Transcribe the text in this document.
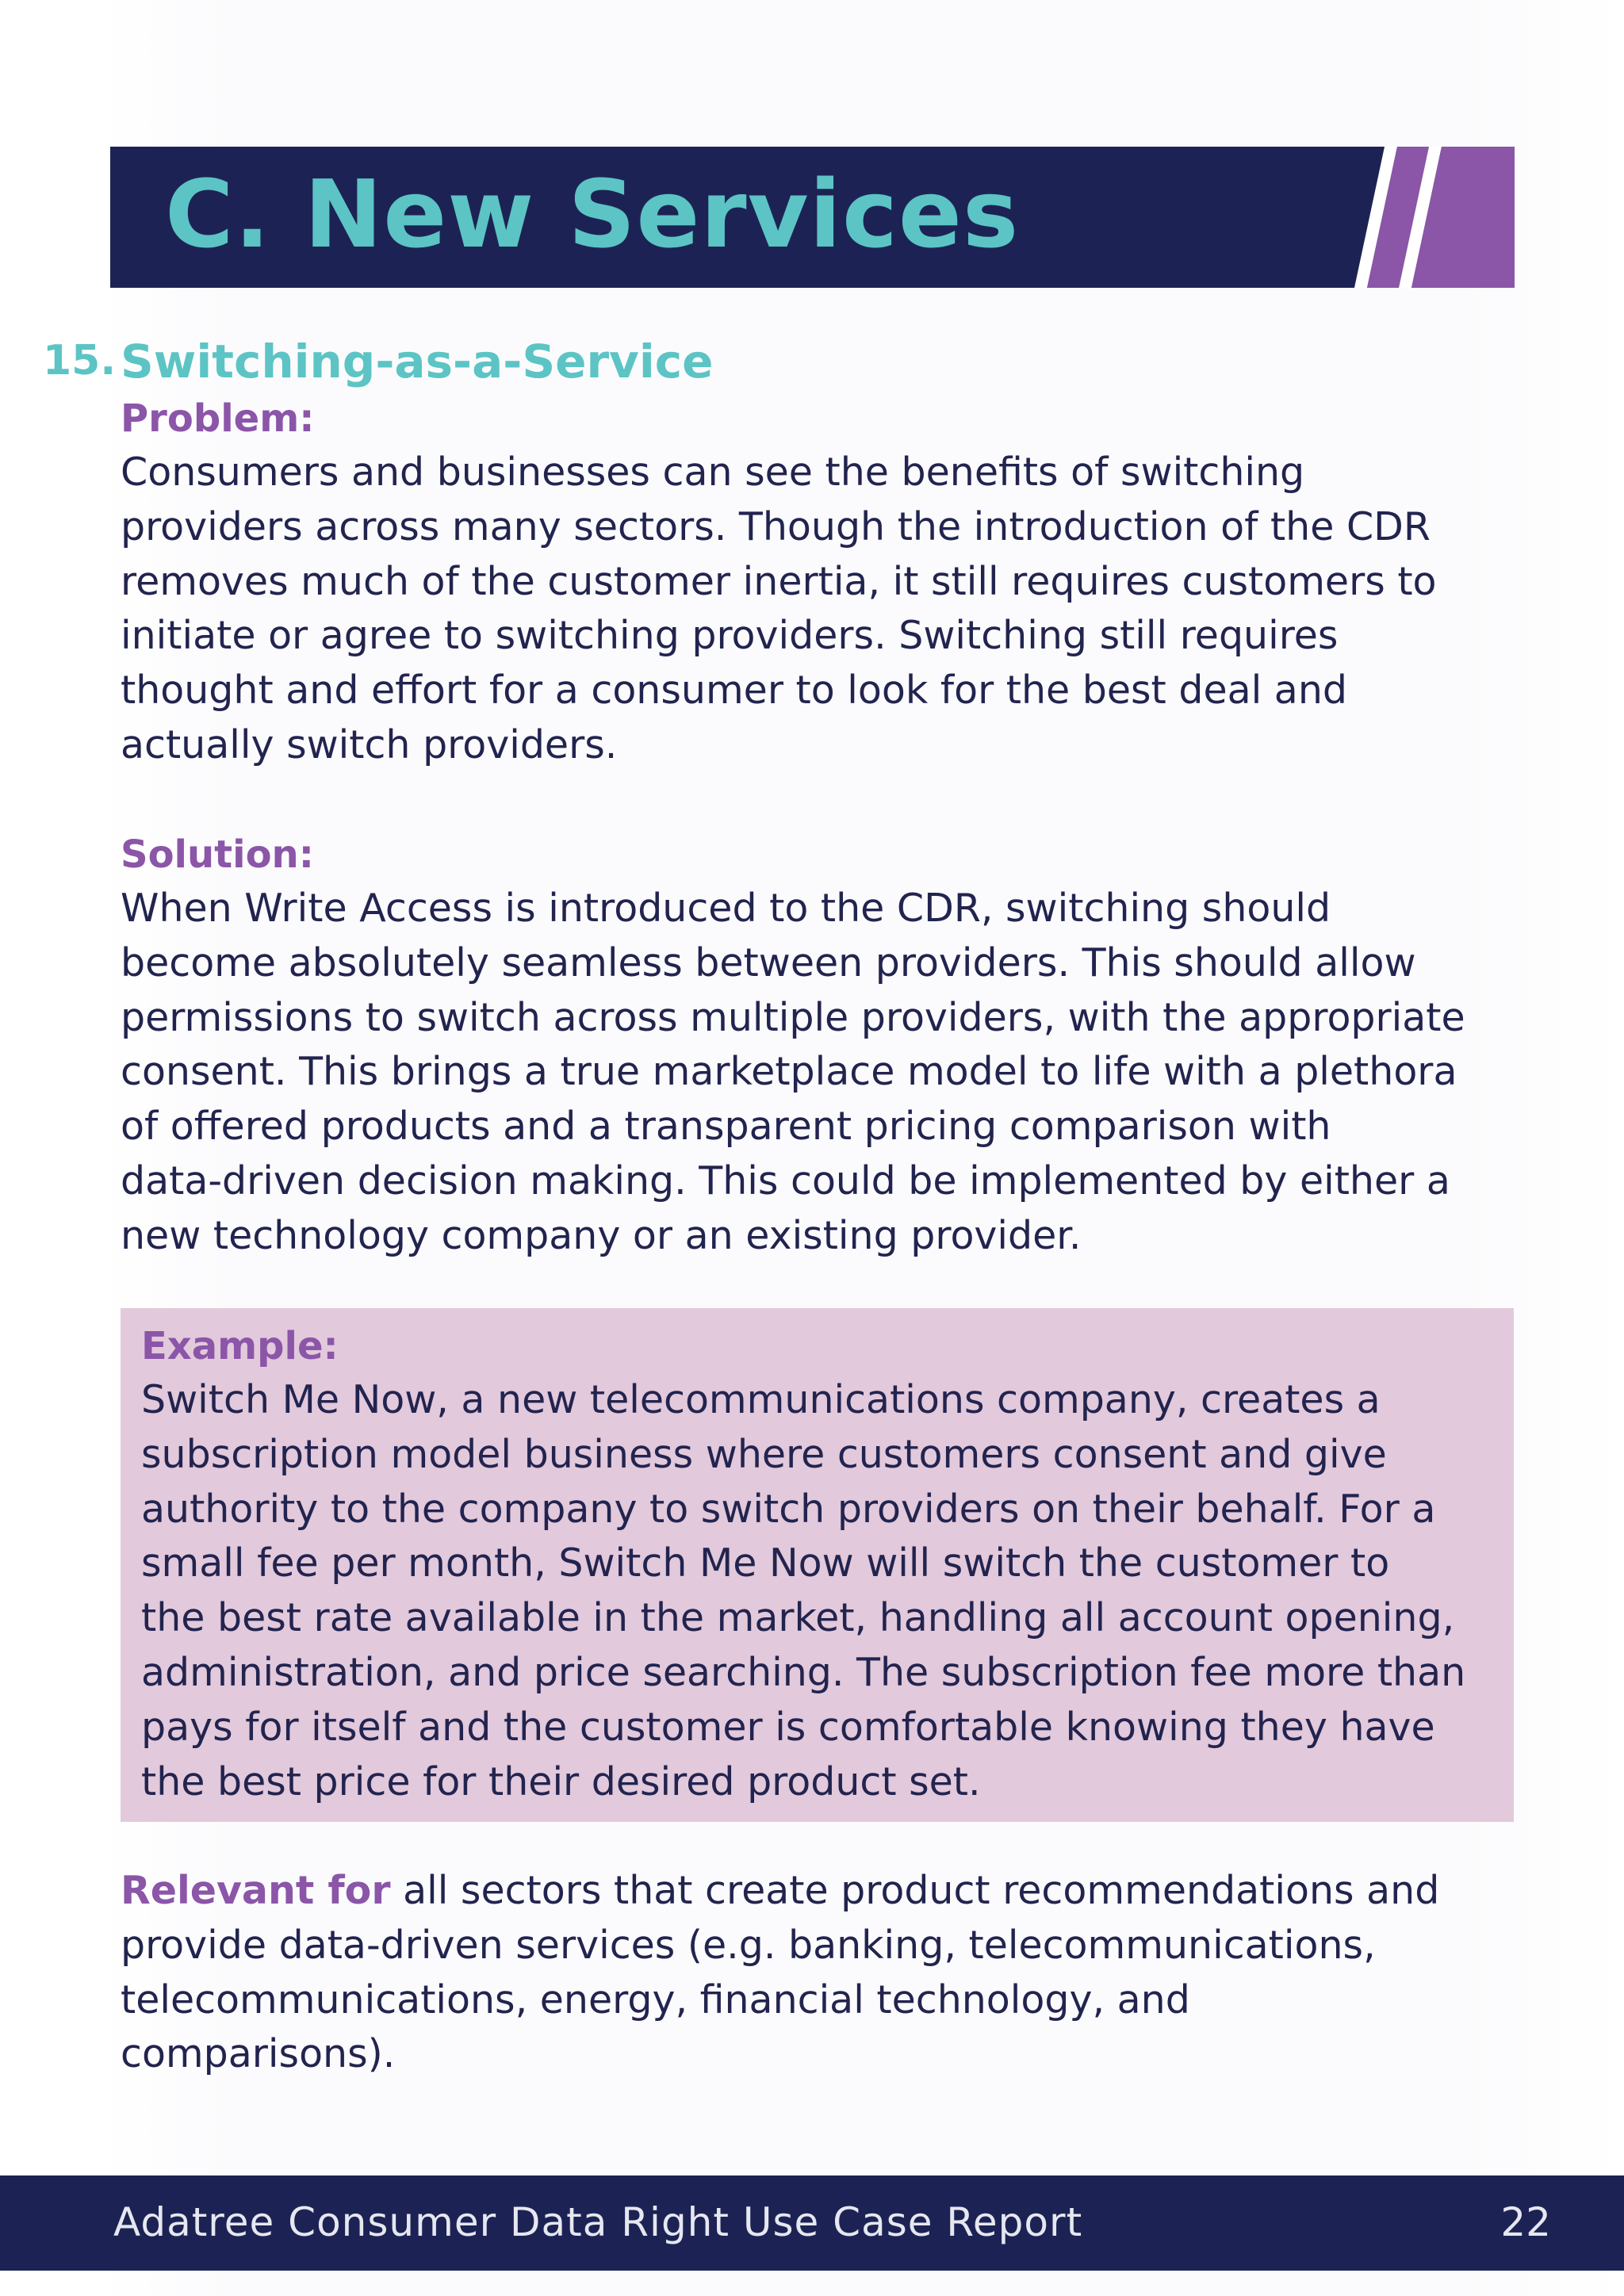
C. New Services
15. Switching-as-a-Service
Problem:
Consumers and businesses can see the benefits of switching
providers across many sectors. Though the introduction of the CDR
removes much of the customer inertia, it still requires customers to
initiate or agree to switching providers. Switching still requires
thought and effort for a consumer to look for the best deal and
actually switch providers.
Solution:
When Write Access is introduced to the CDR, switching should
become absolutely seamless between providers. This should allow
permissions to switch across multiple providers, with the appropriate
consent. This brings a true marketplace model to life with a plethora
of offered products and a transparent pricing comparison with
data-driven decision making. This could be implemented by either a
new technology company or an existing provider.
Example:
Switch Me Now, a new telecommunications company, creates a
subscription model business where customers consent and give
authority to the company to switch providers on their behalf. For a
small fee per month, Switch Me Now will switch the customer to
the best rate available in the market, handling all account opening,
administration, and price searching. The subscription fee more than
pays for itself and the customer is comfortable knowing they have
the best price for their desired product set.
Relevant for all sectors that create product recommendations and
provide data-driven services (e.g. banking, telecommunications,
telecommunications, energy, financial technology, and
comparisons).
Adatree Consumer Data Right Use Case Report	22
